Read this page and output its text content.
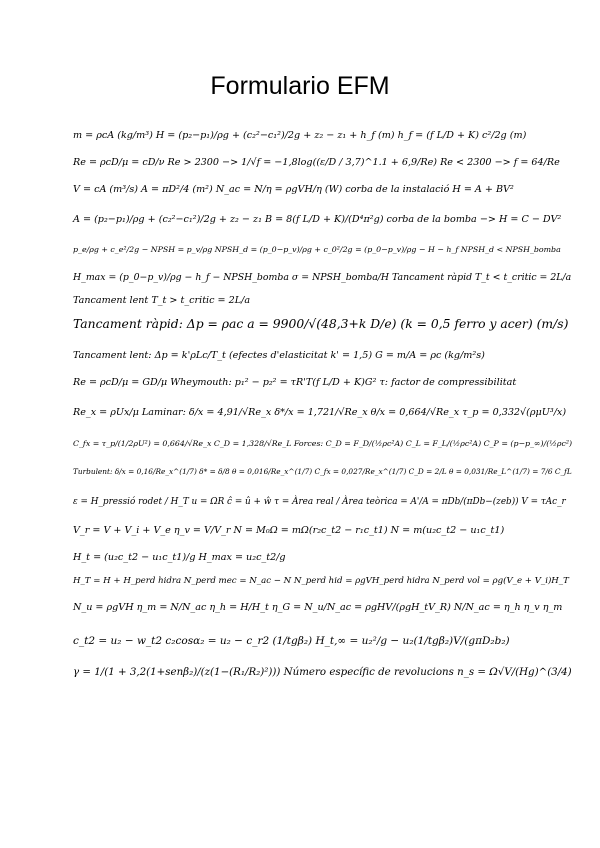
Formulario EFM
m = ρcA (kg/m³) H = (p₂−p₁)/ρg + (c₂²−c₁²)/2g + z₂ − z₁ + h_f (m) h_f = (f L/D + K) c²/2g (m)
Re = ρcD/μ = cD/ν Re > 2300 −> 1/√f = −1,8log((ε/D / 3,7)^1.1 + 6,9/Re) Re < 2300 −> f = 64/Re
V = cA (m³/s) A = πD²/4 (m²) N_ac = N/η = ρgVH/η (W) corba de la instalació H = A + BV²
A = (p₂−p₁)/ρg + (c₂²−c₁²)/2g + z₂ − z₁ B = 8(f L/D + K)/(D⁴π²g) corba de la bomba −> H = C − DV²
p_e/ρg + c_e²/2g − NPSH = p_v/ρg NPSH_d = (p_0−p_v)/ρg + c_0²/2g = (p_0−p_v)/ρg − H − h_f NPSH_d < NPSH_bomba
H_max = (p_0−p_v)/ρg − h_f − NPSH_bomba σ = NPSH_bomba/H Tancament ràpid T_t < t_critic = 2L/a
Tancament lent T_t > t_critic = 2L/a
Tancament ràpid: Δp = ρac a = 9900/√(48,3+k D/e) (k = 0,5 ferro y acer) (m/s)
Tancament lent: Δp = k'ρLc/T_t (efectes d'elasticitat k' = 1,5) G = m/A = ρc (kg/m²s)
Re = ρcD/μ = GD/μ Wheymouth: p₁² − p₂² = τR'T(f L/D + K)G² τ: factor de compressibilitat
Re_x = ρUx/μ Laminar: δ/x = 4,91/√Re_x δ*/x = 1,721/√Re_x θ/x = 0,664/√Re_x τ_p = 0,332√(ρμU³/x)
C_fx = τ_p/(1/2ρU²) = 0,664/√Re_x C_D = 1,328/√Re_L Forces: C_D = F_D/(½ρc²A) C_L = F_L/(½ρc²A) C_P = (p−p_∞)/(½ρc²)
Turbulent: δ/x = 0,16/Re_x^(1/7) δ* = δ/8 θ = 0,016/Re_x^(1/7) C_fx = 0,027/Re_x^(1/7) C_D = 2/L θ = 0,031/Re_L^(1/7) = 7/6 C_fL
ε = H_pressió rodet / H_T u = ΩR ĉ = û + ŵ τ = Àrea real / Àrea teòrica = A'/A = πDb/(πDb−(zeb)) V = τAc_r
V_r = V + V_i + V_e η_v = V/V_r N = M₀Ω = mΩ(r₂c_t2 − r₁c_t1) N = m(u₂c_t2 − u₁c_t1)
H_t = (u₂c_t2 − u₁c_t1)/g H_max = u₂c_t2/g
H_T = H + H_perd hidra N_perd mec = N_ac − N N_perd hid = ρgVH_perd hidra N_perd vol = ρg(V_e + V_i)H_T
N_u = ρgVH η_m = N/N_ac η_h = H/H_t η_G = N_u/N_ac = ρgHV/(ρgH_tV_R) N/N_ac = η_h η_v η_m
c_t2 = u₂ − w_t2 c₂cosα₂ = u₂ − c_r2 (1/tgβ₂) H_t,∞ = u₂²/g − u₂(1/tgβ₂)V/(gπD₂b₂)
γ = 1/(1 + 3,2(1+senβ₂)/(z(1−(R₁/R₂)²))) Número específic de revolucions n_s = Ω√V/(Hg)^(3/4)
